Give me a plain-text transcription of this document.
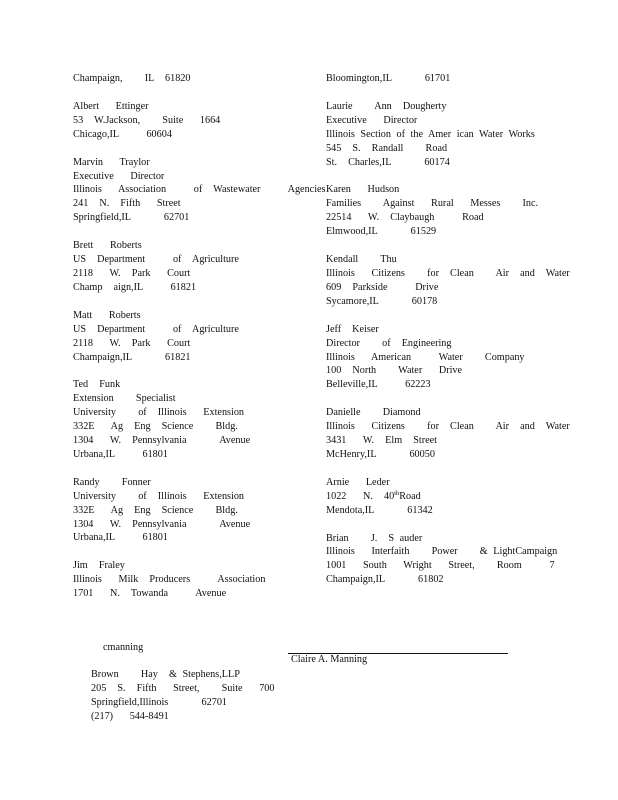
Champaign,    IL  61820
Albert   Ettinger
53  W.Jackson,    Suite   1664
Chicago,IL     60604
Marvin   Traylor
Executive   Director
Illinois   Association     of  Wastewater     Agencies
241  N.  Fifth   Street
Springfield,IL      62701
Brett   Roberts
US  Department     of  Agriculture
2118   W.  Park   Court
Champ  aign,IL     61821
Matt   Roberts
US  Department     of  Agriculture
2118   W.  Park   Court
Champaign,IL      61821
Ted  Funk
Extension    Specialist
University    of  Illinois   Extension
332E   Ag  Eng  Science    Bldg.
1304   W.  Pennsylvania      Avenue
Urbana,IL     61801
Randy    Fonner
University    of  Illinois   Extension
332E   Ag  Eng  Science    Bldg.
1304   W.  Pennsylvania      Avenue
Urbana,IL     61801
Jim  Fraley
Illinois   Milk  Producers     Association
1701   N.  Towanda     Avenue
Bloomington,IL      61701
Laurie    Ann  Dougherty
Executive   Director
Illinois Section of the Amer ican Water Works
545  S.  Randall    Road
St.  Charles,IL      60174
Karen   Hudson
Families    Against   Rural   Messes    Inc.
22514   W.  Claybaugh     Road
Elmwood,IL      61529
Kendall    Thu
Illinois   Citizens    for  Clean    Air  and  Water
609  Parkside     Drive
Sycamore,IL      60178
Jeff  Keiser
Director    of  Engineering
Illinois   American     Water    Company
100  North    Water   Drive
Belleville,IL     62223
Danielle    Diamond
Illinois   Citizens    for  Clean    Air  and  Water
3431   W.  Elm  Street
McHenry,IL      60050
Arnie   Leder
1022   N.  40thRoad
Mendota,IL      61342
Brian    J.  S auder
Illinois   Interfaith    Power    & LightCampaign
1001   South   Wright   Street,    Room     7
Champaign,IL      61802
cmanning
Claire A. Manning
Brown    Hay  & Stephens,LLP
205  S.  Fifth   Street,    Suite   700
Springfield,Illinois      62701
(217)   544-8491
